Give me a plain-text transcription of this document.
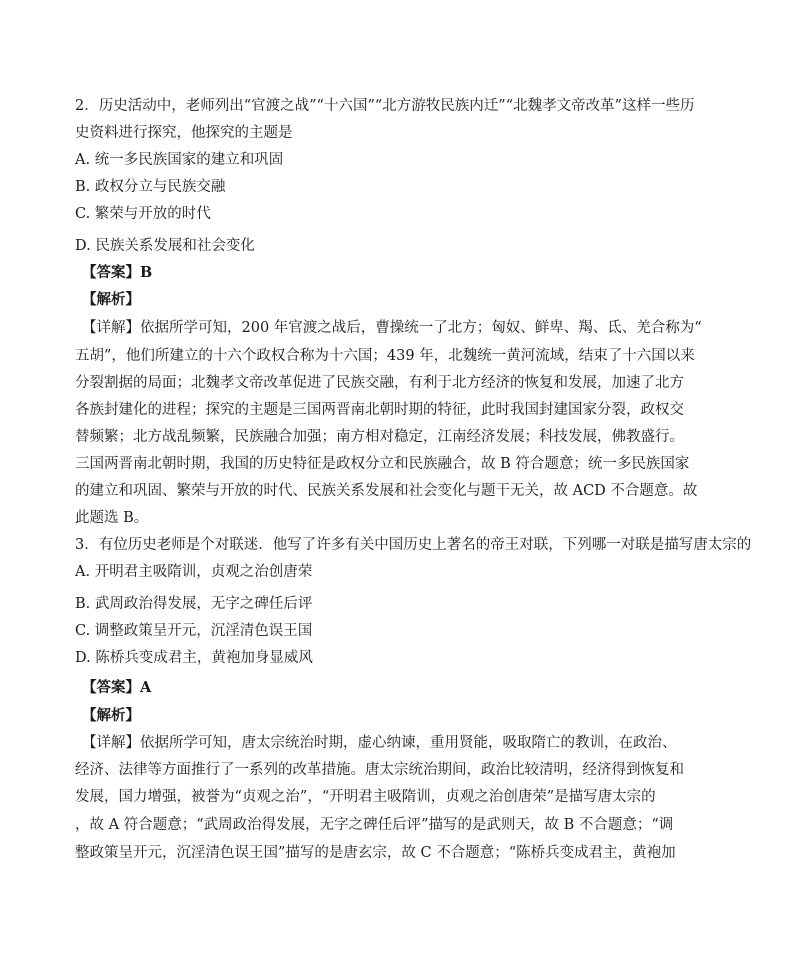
2．历史活动中，老师列出“官渡之战”“十六国”“北方游牧民族内迁”“北魏孝文帝改革”这样一些历
史资料进行探究，他探究的主题是
A. 统一多民族国家的建立和巩固
B. 政权分立与民族交融
C. 繁荣与开放的时代
D. 民族关系发展和社会变化
【答案】B
【解析】
【详解】依据所学可知，200 年官渡之战后，曹操统一了北方；匈奴、鲜卑、羯、氐、羌合称为“
五胡”，他们所建立的十六个政权合称为十六国；439 年，北魏统一黄河流域，结束了十六国以来
分裂割据的局面；北魏孝文帝改革促进了民族交融，有利于北方经济的恢复和发展，加速了北方
各族封建化的进程；探究的主题是三国两晋南北朝时期的特征，此时我国封建国家分裂，政权交
替频繁；北方战乱频繁，民族融合加强；南方相对稳定，江南经济发展；科技发展，佛教盛行。
三国两晋南北朝时期，我国的历史特征是政权分立和民族融合，故 B 符合题意；统一多民族国家
的建立和巩固、繁荣与开放的时代、民族关系发展和社会变化与题干无关，故 ACD 不合题意。故
此题选 B。
3．有位历史老师是个对联迷．他写了许多有关中国历史上著名的帝王对联，下列哪一对联是描写唐太宗的
A. 开明君主吸隋训，贞观之治创唐荣
B. 武周政治得发展，无字之碑任后评
C. 调整政策呈开元，沉淫清色误王国
D. 陈桥兵变成君主，黄袍加身显威风
【答案】A
【解析】
【详解】依据所学可知，唐太宗统治时期，虚心纳谏，重用贤能，吸取隋亡的教训，在政治、
经济、法律等方面推行了一系列的改革措施。唐太宗统治期间，政治比较清明，经济得到恢复和
发展，国力增强，被誉为“贞观之治”，“开明君主吸隋训，贞观之治创唐荣”是描写唐太宗的
，故 A 符合题意；“武周政治得发展，无字之碑任后评”描写的是武则天，故 B 不合题意；“调
整政策呈开元，沉淫清色误王国”描写的是唐玄宗，故 C 不合题意；“陈桥兵变成君主，黄袍加
